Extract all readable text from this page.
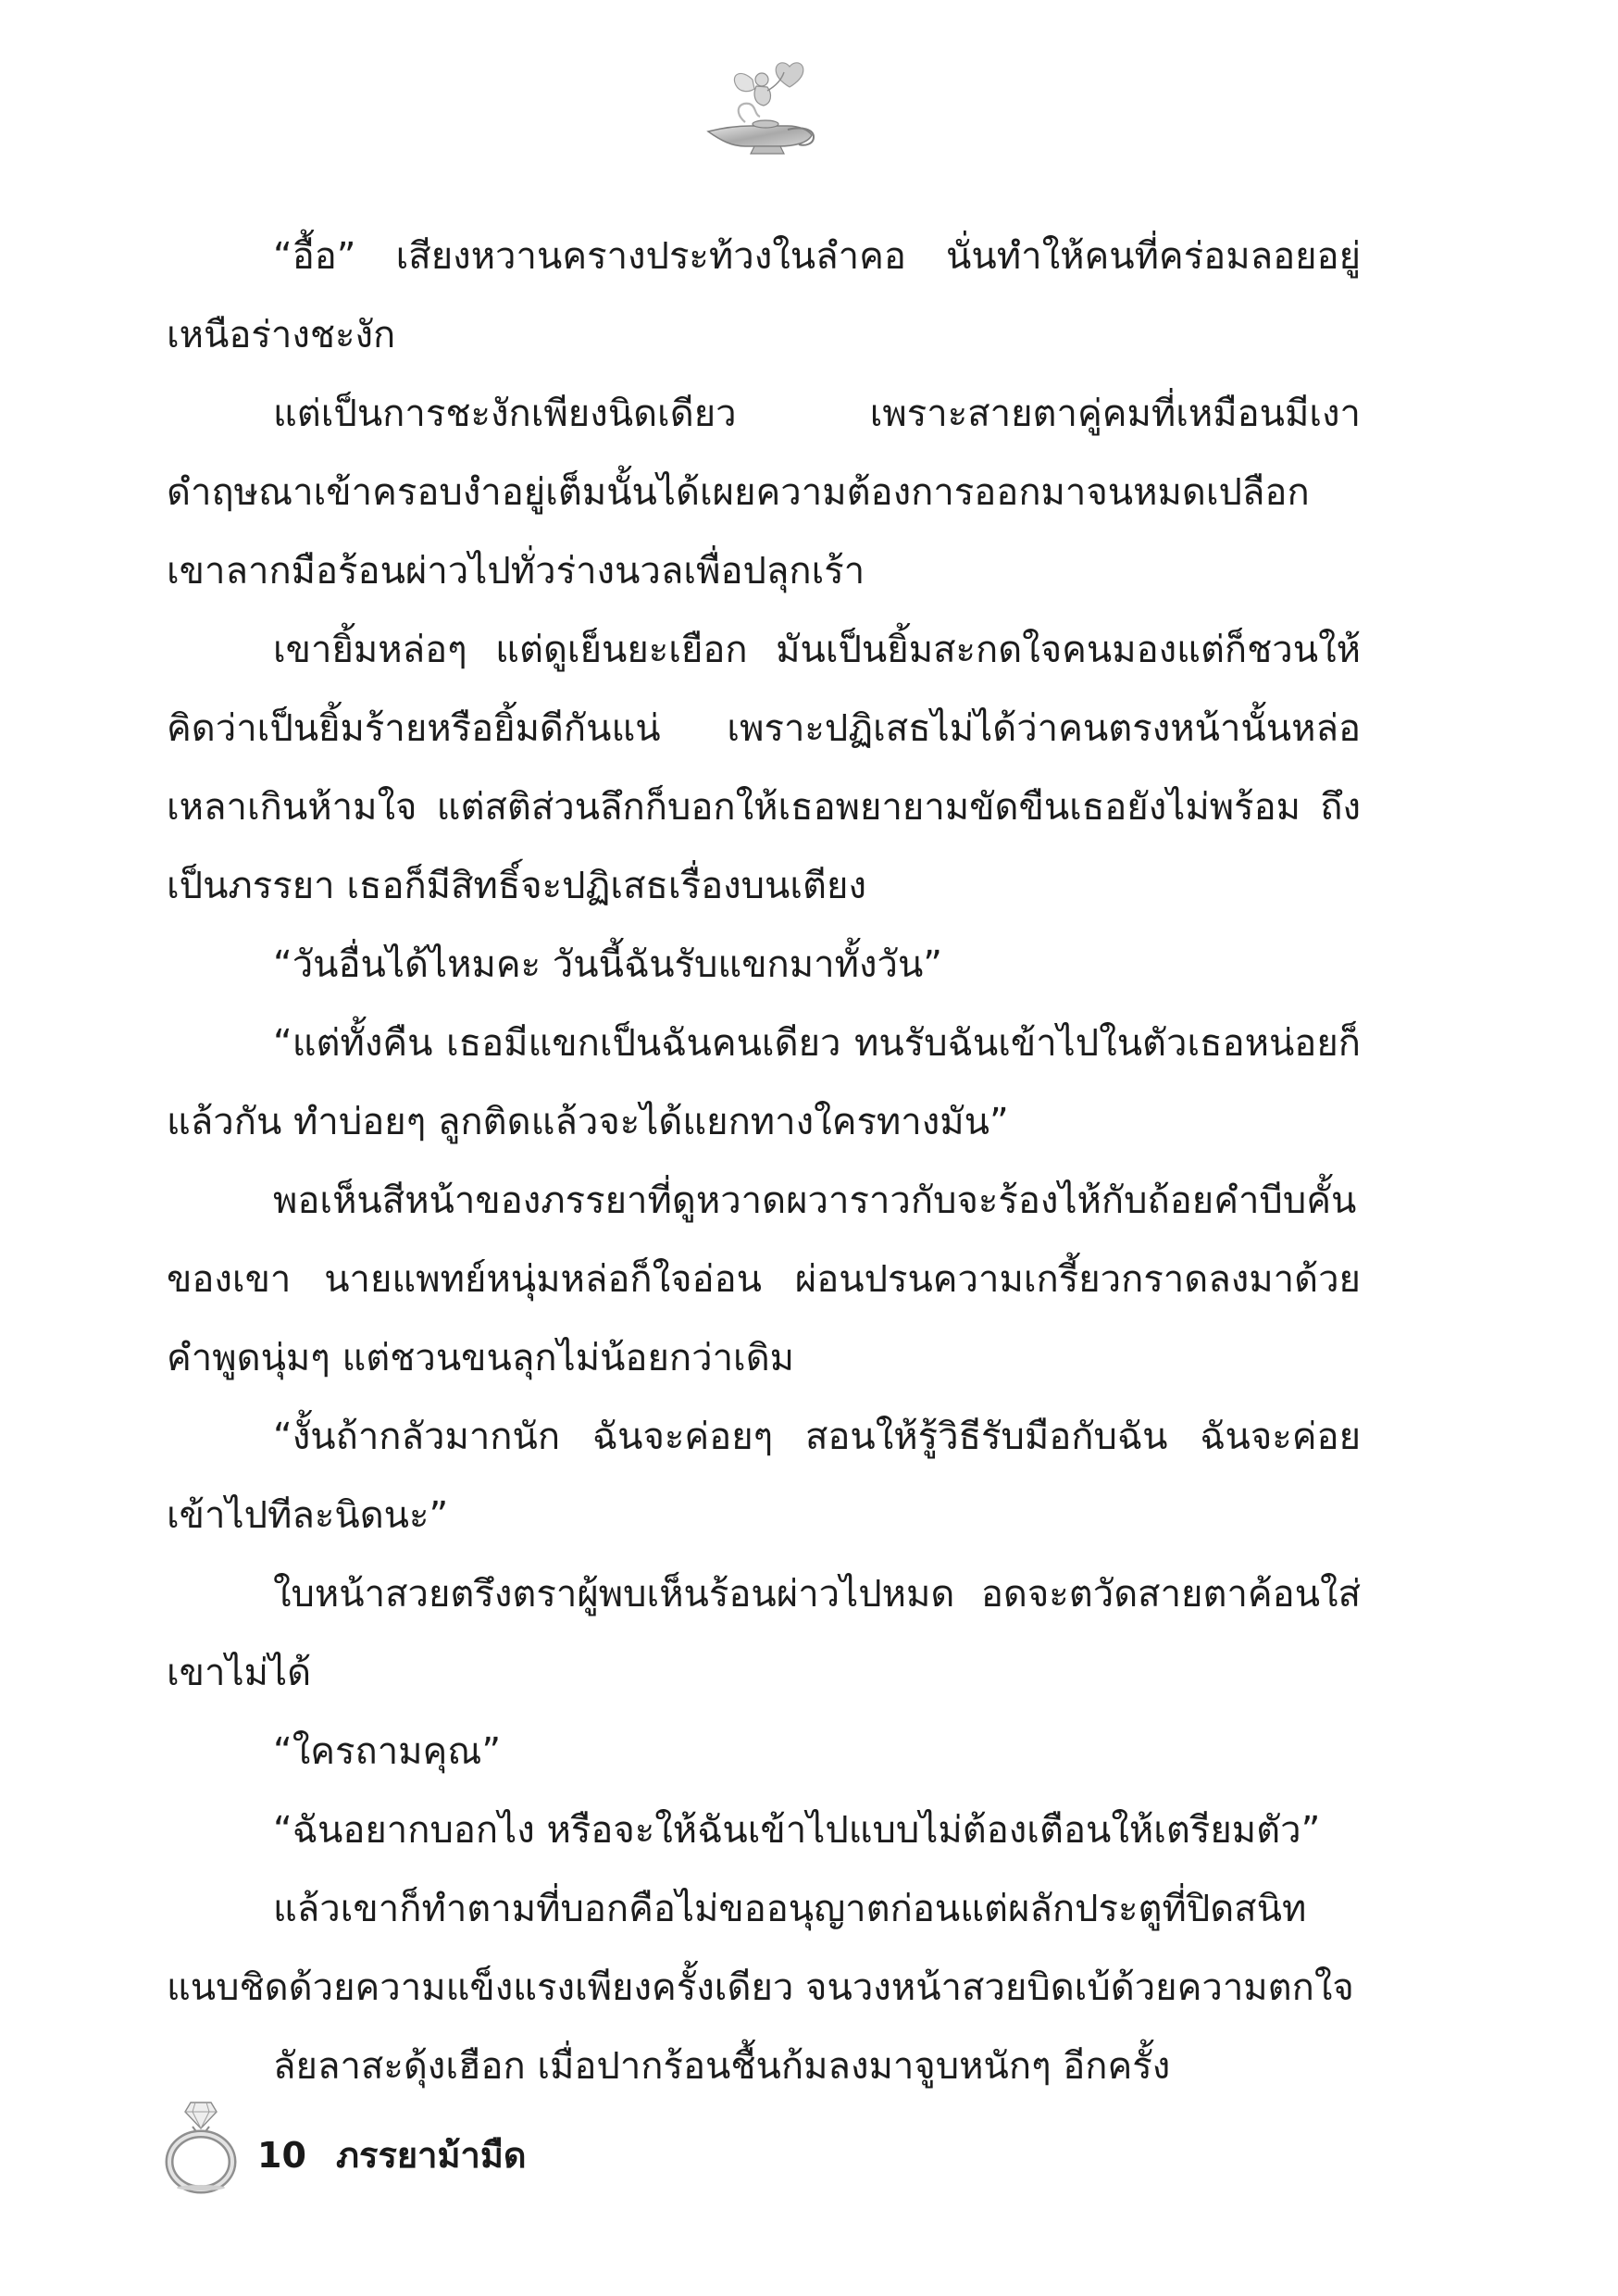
“อื้อ” เสียงหวานครางประท้วงในลำคอ นั่นทำให้คนที่คร่อมลอยอยู่เหนือร่างชะงัก

แต่เป็นการชะงักเพียงนิดเดียว เพราะสายตาคู่คมที่เหมือนมีเงาดำฤษณาเข้าครอบงำอยู่เต็มนั้นได้เผยความต้องการออกมาจนหมดเปลือก เขาลากมือร้อนผ่าวไปทั่วร่างนวลเพื่อปลุกเร้า

เขายิ้มหล่อๆ แต่ดูเย็นยะเยือก มันเป็นยิ้มสะกดใจคนมองแต่ก็ชวนให้คิดว่าเป็นยิ้มร้ายหรือยิ้มดีกันแน่ เพราะปฏิเสธไม่ได้ว่าคนตรงหน้านั้นหล่อเหลาเกินห้ามใจ แต่สติส่วนลึกก็บอกให้เธอพยายามขัดขืนเธอยังไม่พร้อม ถึงเป็นภรรยา เธอก็มีสิทธิ์จะปฏิเสธเรื่องบนเตียง

“วันอื่นได้ไหมคะ วันนี้ฉันรับแขกมาทั้งวัน”

“แต่ทั้งคืน เธอมีแขกเป็นฉันคนเดียว ทนรับฉันเข้าไปในตัวเธอหน่อยก็แล้วกัน ทำบ่อยๆ ลูกติดแล้วจะได้แยกทางใครทางมัน”

พอเห็นสีหน้าของภรรยาที่ดูหวาดผวาราวกับจะร้องไห้กับถ้อยคำบีบคั้นของเขา นายแพทย์หนุ่มหล่อก็ใจอ่อน ผ่อนปรนความเกรี้ยวกราดลงมาด้วยคำพูดนุ่มๆ แต่ชวนขนลุกไม่น้อยกว่าเดิม

“งั้นถ้ากลัวมากนัก ฉันจะค่อยๆ สอนให้รู้วิธีรับมือกับฉัน ฉันจะค่อยเข้าไปทีละนิดนะ”

ใบหน้าสวยตรึงตราผู้พบเห็นร้อนผ่าวไปหมด อดจะตวัดสายตาค้อนใส่เขาไม่ได้

“ใครถามคุณ”

“ฉันอยากบอกไง หรือจะให้ฉันเข้าไปแบบไม่ต้องเตือนให้เตรียมตัว”

แล้วเขาก็ทำตามที่บอกคือไม่ขออนุญาตก่อนแต่ผลักประตูที่ปิดสนิทแนบชิดด้วยความแข็งแรงเพียงครั้งเดียว จนวงหน้าสวยบิดเบ้ด้วยความตกใจ

ลัยลาสะดุ้งเฮือก เมื่อปากร้อนชื้นก้มลงมาจูบหนักๆ อีกครั้ง

10 ภรรยาม้ามืด
